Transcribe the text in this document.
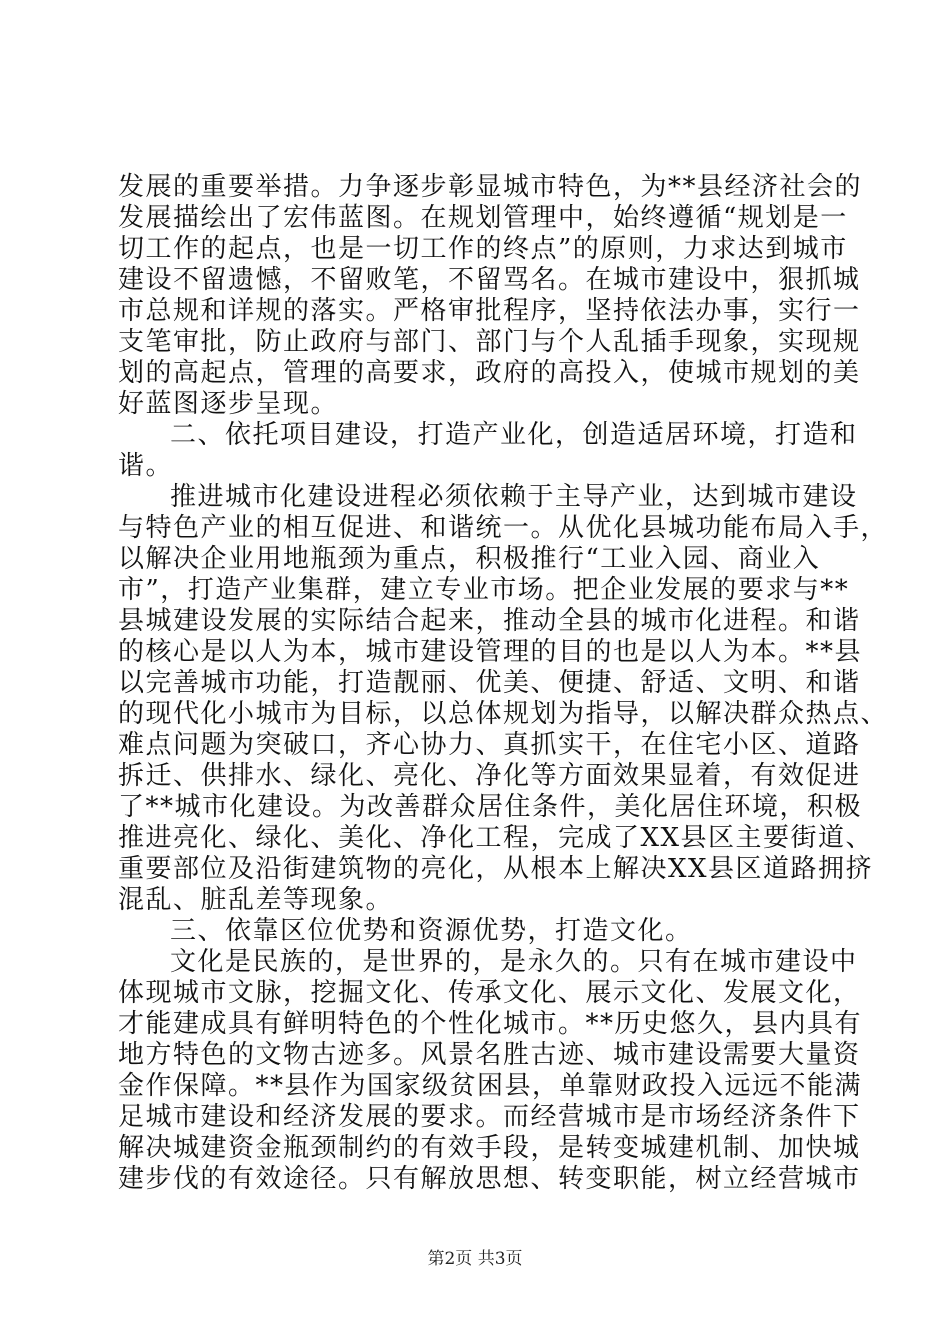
发展的重要举措。力争逐步彰显城市特色，为**县经济社会的
发展描绘出了宏伟蓝图。在规划管理中，始终遵循“规划是一
切工作的起点，也是一切工作的终点”的原则，力求达到城市
建设不留遗憾，不留败笔，不留骂名。在城市建设中，狠抓城
市总规和详规的落实。严格审批程序，坚持依法办事，实行一
支笔审批，防止政府与部门、部门与个人乱插手现象，实现规
划的高起点，管理的高要求，政府的高投入，使城市规划的美
好蓝图逐步呈现。
二、依托项目建设，打造产业化，创造适居环境，打造和
谐。
推进城市化建设进程必须依赖于主导产业，达到城市建设
与特色产业的相互促进、和谐统一。从优化县城功能布局入手，
以解决企业用地瓶颈为重点，积极推行“工业入园、商业入
市”，打造产业集群，建立专业市场。把企业发展的要求与**
县城建设发展的实际结合起来，推动全县的城市化进程。和谐
的核心是以人为本，城市建设管理的目的也是以人为本。**县
以完善城市功能，打造靓丽、优美、便捷、舒适、文明、和谐
的现代化小城市为目标，以总体规划为指导，以解决群众热点、
难点问题为突破口，齐心协力、真抓实干，在住宅小区、道路
拆迁、供排水、绿化、亮化、净化等方面效果显着，有效促进
了**城市化建设。为改善群众居住条件，美化居住环境，积极
推进亮化、绿化、美化、净化工程，完成了XX县区主要街道、
重要部位及沿街建筑物的亮化，从根本上解决XX县区道路拥挤
混乱、脏乱差等现象。
三、依靠区位优势和资源优势，打造文化。
文化是民族的，是世界的，是永久的。只有在城市建设中
体现城市文脉，挖掘文化、传承文化、展示文化、发展文化，
才能建成具有鲜明特色的个性化城市。**历史悠久，县内具有
地方特色的文物古迹多。风景名胜古迹、城市建设需要大量资
金作保障。**县作为国家级贫困县，单靠财政投入远远不能满
足城市建设和经济发展的要求。而经营城市是市场经济条件下
解决城建资金瓶颈制约的有效手段，是转变城建机制、加快城
建步伐的有效途径。只有解放思想、转变职能，树立经营城市
第2页 共3页
